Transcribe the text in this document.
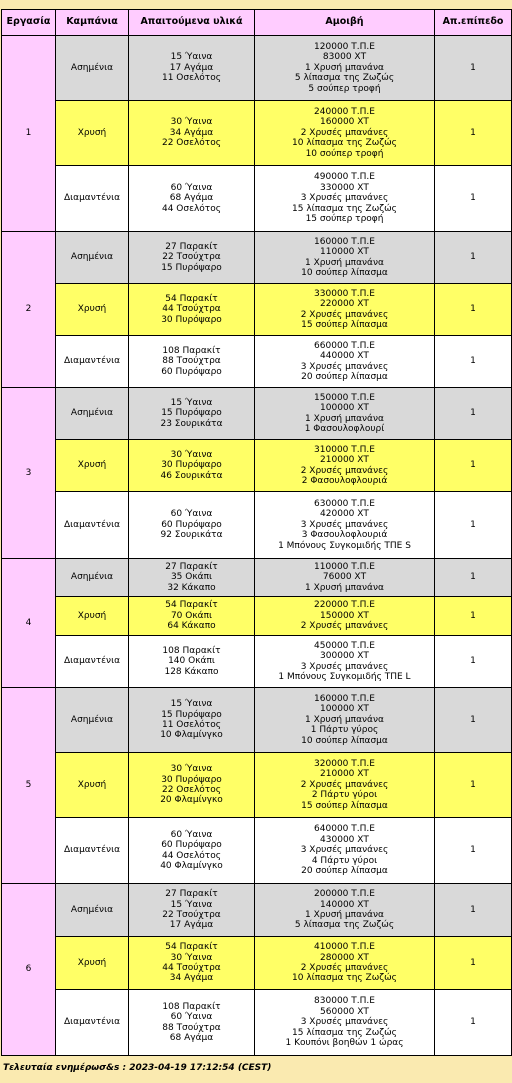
Εργασία	Καμπάνια	Απαιτούμενα υλικά	Αμοιβή	Απ.επίπεδο
1	Ασημένια	15 Ύαινα
17 Αγάμα
11 Οσελότος	120000 Τ.Π.Ε
83000 ΧΤ
1 Χρυσή μπανάνα
5 λίπασμα της Ζωζώς
5 σούπερ τροφή	1
	Χρυσή	30 Ύαινα
34 Αγάμα
22 Οσελότος	240000 Τ.Π.Ε
160000 ΧΤ
2 Χρυσές μπανάνες
10 λίπασμα της Ζωζώς
10 σούπερ τροφή	1
	Διαμαντένια	60 Ύαινα
68 Αγάμα
44 Οσελότος	490000 Τ.Π.Ε
330000 ΧΤ
3 Χρυσές μπανάνες
15 λίπασμα της Ζωζώς
15 σούπερ τροφή	1
2	Ασημένια	27 Παρακίτ
22 Τσούχτρα
15 Πυρόψαρο	160000 Τ.Π.Ε
110000 ΧΤ
1 Χρυσή μπανάνα
10 σούπερ λίπασμα	1
	Χρυσή	54 Παρακίτ
44 Τσούχτρα
30 Πυρόψαρο	330000 Τ.Π.Ε
220000 ΧΤ
2 Χρυσές μπανάνες
15 σούπερ λίπασμα	1
	Διαμαντένια	108 Παρακίτ
88 Τσούχτρα
60 Πυρόψαρο	660000 Τ.Π.Ε
440000 ΧΤ
3 Χρυσές μπανάνες
20 σούπερ λίπασμα	1
3	Ασημένια	15 Ύαινα
15 Πυρόψαρο
23 Σουρικάτα	150000 Τ.Π.Ε
100000 ΧΤ
1 Χρυσή μπανάνα
1 Φασουλοφλουρί	1
	Χρυσή	30 Ύαινα
30 Πυρόψαρο
46 Σουρικάτα	310000 Τ.Π.Ε
210000 ΧΤ
2 Χρυσές μπανάνες
2 Φασουλοφλουριά	1
	Διαμαντένια	60 Ύαινα
60 Πυρόψαρο
92 Σουρικάτα	630000 Τ.Π.Ε
420000 ΧΤ
3 Χρυσές μπανάνες
3 Φασουλοφλουριά
1 Μπόνους Συγκομιδής ΤΠΕ S	1
4	Ασημένια	27 Παρακίτ
35 Οκάπι
32 Κάκαπο	110000 Τ.Π.Ε
76000 ΧΤ
1 Χρυσή μπανάνα	1
	Χρυσή	54 Παρακίτ
70 Οκάπι
64 Κάκαπο	220000 Τ.Π.Ε
150000 ΧΤ
2 Χρυσές μπανάνες	1
	Διαμαντένια	108 Παρακίτ
140 Οκάπι
128 Κάκαπο	450000 Τ.Π.Ε
300000 ΧΤ
3 Χρυσές μπανάνες
1 Μπόνους Συγκομιδής ΤΠΕ L	1
5	Ασημένια	15 Ύαινα
15 Πυρόψαρο
11 Οσελότος
10 Φλαμίνγκο	160000 Τ.Π.Ε
100000 ΧΤ
1 Χρυσή μπανάνα
1 Πάρτυ γύρος
10 σούπερ λίπασμα	1
	Χρυσή	30 Ύαινα
30 Πυρόψαρο
22 Οσελότος
20 Φλαμίνγκο	320000 Τ.Π.Ε
210000 ΧΤ
2 Χρυσές μπανάνες
2 Πάρτυ γύροι
15 σούπερ λίπασμα	1
	Διαμαντένια	60 Ύαινα
60 Πυρόψαρο
44 Οσελότος
40 Φλαμίνγκο	640000 Τ.Π.Ε
430000 ΧΤ
3 Χρυσές μπανάνες
4 Πάρτυ γύροι
20 σούπερ λίπασμα	1
6	Ασημένια	27 Παρακίτ
15 Ύαινα
22 Τσούχτρα
17 Αγάμα	200000 Τ.Π.Ε
140000 ΧΤ
1 Χρυσή μπανάνα
5 λίπασμα της Ζωζώς	1
	Χρυσή	54 Παρακίτ
30 Ύαινα
44 Τσούχτρα
34 Αγάμα	410000 Τ.Π.Ε
280000 ΧΤ
2 Χρυσές μπανάνες
10 λίπασμα της Ζωζώς	1
	Διαμαντένια	108 Παρακίτ
60 Ύαινα
88 Τσούχτρα
68 Αγάμα	830000 Τ.Π.Ε
560000 ΧΤ
3 Χρυσές μπανάνες
15 λίπασμα της Ζωζώς
1 Κουπόνι βοηθών 1 ώρας	1
Τελευταία ενημέρωσ&s : 2023-04-19 17:12:54 (CEST)
